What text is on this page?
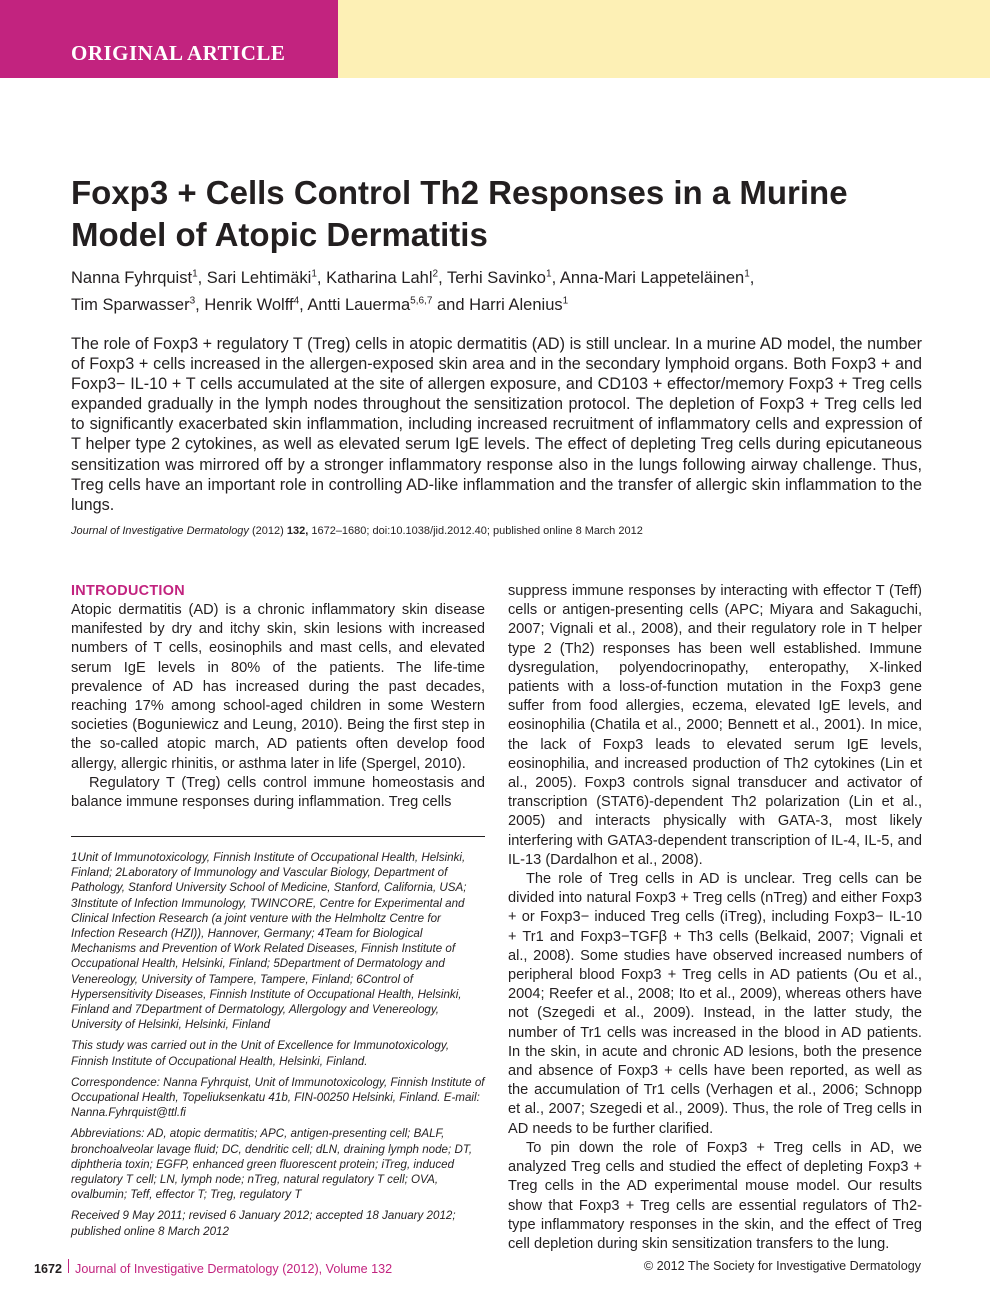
ORIGINAL ARTICLE
Foxp3 + Cells Control Th2 Responses in a Murine Model of Atopic Dermatitis
Nanna Fyhrquist$^1$, Sari Lehtimäki$^1$, Katharina Lahl$^2$, Terhi Savinko$^1$, Anna-Mari Lappeteläinen$^1$,
Tim Sparwasser$^3$, Henrik Wolff$^4$, Antti Lauerma$^{5,6,7}$ and Harri Alenius$^1$
The role of Foxp3 + regulatory T (Treg) cells in atopic dermatitis (AD) is still unclear. In a murine AD model, the number of Foxp3 + cells increased in the allergen-exposed skin area and in the secondary lymphoid organs. Both Foxp3 + and Foxp3− IL-10 + T cells accumulated at the site of allergen exposure, and CD103 + effector/memory Foxp3 + Treg cells expanded gradually in the lymph nodes throughout the sensitization protocol. The depletion of Foxp3 + Treg cells led to significantly exacerbated skin inflammation, including increased recruitment of inflammatory cells and expression of T helper type 2 cytokines, as well as elevated serum IgE levels. The effect of depleting Treg cells during epicutaneous sensitization was mirrored off by a stronger inflammatory response also in the lungs following airway challenge. Thus, Treg cells have an important role in controlling AD-like inflammation and the transfer of allergic skin inflammation to the lungs.
Journal of Investigative Dermatology (2012) 132, 1672–1680; doi:10.1038/jid.2012.40; published online 8 March 2012
INTRODUCTION

Atopic dermatitis (AD) is a chronic inflammatory skin disease manifested by dry and itchy skin, skin lesions with increased numbers of T cells, eosinophils and mast cells, and elevated serum IgE levels in 80% of the patients. The life-time prevalence of AD has increased during the past decades, reaching 17% among school-aged children in some Western societies (Boguniewicz and Leung, 2010). Being the first step in the so-called atopic march, AD patients often develop food allergy, allergic rhinitis, or asthma later in life (Spergel, 2010).

Regulatory T (Treg) cells control immune homeostasis and balance immune responses during inflammation. Treg cells

1Unit of Immunotoxicology, Finnish Institute of Occupational Health, Helsinki, Finland; 2Laboratory of Immunology and Vascular Biology, Department of Pathology, Stanford University School of Medicine, Stanford, California, USA; 3Institute of Infection Immunology, TWINCORE, Centre for Experimental and Clinical Infection Research (a joint venture with the Helmholtz Centre for Infection Research (HZI)), Hannover, Germany; 4Team for Biological Mechanisms and Prevention of Work Related Diseases, Finnish Institute of Occupational Health, Helsinki, Finland; 5Department of Dermatology and Venereology, University of Tampere, Tampere, Finland; 6Control of Hypersensitivity Diseases, Finnish Institute of Occupational Health, Helsinki, Finland and 7Department of Dermatology, Allergology and Venereology, University of Helsinki, Helsinki, Finland

This study was carried out in the Unit of Excellence for Immunotoxicology, Finnish Institute of Occupational Health, Helsinki, Finland.

Correspondence: Nanna Fyhrquist, Unit of Immunotoxicology, Finnish Institute of Occupational Health, Topeliuksenkatu 41b, FIN-00250 Helsinki, Finland. E-mail: Nanna.Fyhrquist@ttl.fi

Abbreviations: AD, atopic dermatitis; APC, antigen-presenting cell; BALF, bronchoalveolar lavage fluid; DC, dendritic cell; dLN, draining lymph node; DT, diphtheria toxin; EGFP, enhanced green fluorescent protein; iTreg, induced regulatory T cell; LN, lymph node; nTreg, natural regulatory T cell; OVA, ovalbumin; Teff, effector T; Treg, regulatory T

Received 9 May 2011; revised 6 January 2012; accepted 18 January 2012; published online 8 March 2012

suppress immune responses by interacting with effector T (Teff) cells or antigen-presenting cells (APC; Miyara and Sakaguchi, 2007; Vignali et al., 2008), and their regulatory role in T helper type 2 (Th2) responses has been well established. Immune dysregulation, polyendocrinopathy, enteropathy, X-linked patients with a loss-of-function mutation in the Foxp3 gene suffer from food allergies, eczema, elevated IgE levels, and eosinophilia (Chatila et al., 2000; Bennett et al., 2001). In mice, the lack of Foxp3 leads to elevated serum IgE levels, eosinophilia, and increased production of Th2 cytokines (Lin et al., 2005). Foxp3 controls signal transducer and activator of transcription (STAT6)-dependent Th2 polarization (Lin et al., 2005) and interacts physically with GATA-3, most likely interfering with GATA3-dependent transcription of IL-4, IL-5, and IL-13 (Dardalhon et al., 2008).

The role of Treg cells in AD is unclear. Treg cells can be divided into natural Foxp3 + Treg cells (nTreg) and either Foxp3 + or Foxp3− induced Treg cells (iTreg), including Foxp3− IL-10 + Tr1 and Foxp3−TGFβ + Th3 cells (Belkaid, 2007; Vignali et al., 2008). Some studies have observed increased numbers of peripheral blood Foxp3 + Treg cells in AD patients (Ou et al., 2004; Reefer et al., 2008; Ito et al., 2009), whereas others have not (Szegedi et al., 2009). Instead, in the latter study, the number of Tr1 cells was increased in the blood in AD patients. In the skin, in acute and chronic AD lesions, both the presence and absence of Foxp3 + cells have been reported, as well as the accumulation of Tr1 cells (Verhagen et al., 2006; Schnopp et al., 2007; Szegedi et al., 2009). Thus, the role of Treg cells in AD needs to be further clarified.

To pin down the role of Foxp3 + Treg cells in AD, we analyzed Treg cells and studied the effect of depleting Foxp3 + Treg cells in the AD experimental mouse model. Our results show that Foxp3 + Treg cells are essential regulators of Th2-type inflammatory responses in the skin, and the effect of Treg cell depletion during skin sensitization transfers to the lung.

1672 Journal of Investigative Dermatology (2012), Volume 132	© 2012 The Society for Investigative Dermatology
